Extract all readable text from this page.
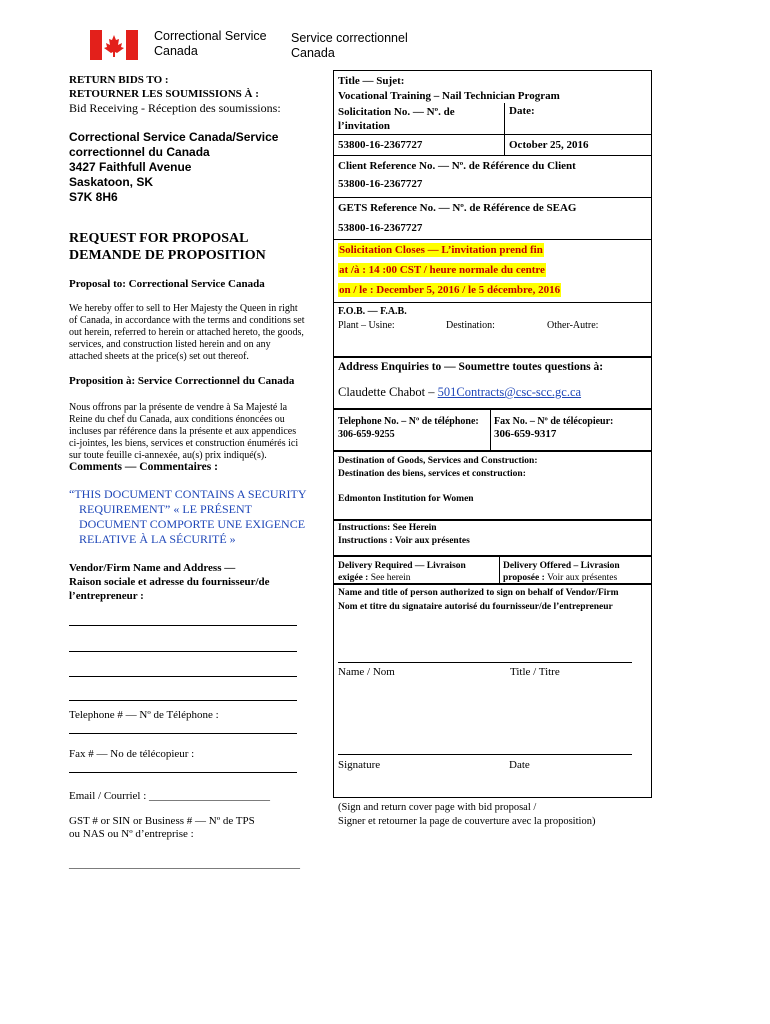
Correctional Service
Canada
Service correctionnel
Canada
RETURN BIDS TO :
RETOURNER LES SOUMISSIONS À :
Bid Receiving - Réception des soumissions:
Correctional Service Canada/Service
correctionnel du Canada
3427 Faithfull Avenue
Saskatoon, SK
S7K 8H6
REQUEST FOR PROPOSAL
DEMANDE DE PROPOSITION
Proposal to: Correctional Service Canada
We hereby offer to sell to Her Majesty the Queen in right
of Canada, in accordance with the terms and conditions set
out herein, referred to herein or attached hereto, the goods,
services, and construction listed herein and on any
attached sheets at the price(s) set out thereof.
Proposition à: Service Correctionnel du Canada
Nous offrons par la présente de vendre à Sa Majesté la
Reine du chef du Canada, aux conditions énoncées ou
incluses par référence dans la présente et aux appendices
ci-jointes, les biens, services et construction énumérés ici
sur toute feuille ci-annexée, au(s) prix indiqué(s).
Comments — Commentaires :
“THIS DOCUMENT CONTAINS A SECURITY
REQUIREMENT” « LE PRÉSENT
DOCUMENT COMPORTE UNE EXIGENCE
RELATIVE À LA SÉCURITÉ »
Vendor/Firm Name and Address —
Raison sociale et adresse du fournisseur/de
l’entrepreneur :
Telephone # — Nº de Téléphone :
Fax # — No de télécopieur :
Email / Courriel : ______________________
GST # or SIN or Business # — Nº de TPS
ou NAS ou Nº d’entreprise :
__________________________________________
Title — Sujet:
Vocational Training – Nail Technician Program
Solicitation No. — Nº. de
l’invitation
Date:
53800-16-2367727	October 25, 2016
Client Reference No. — Nº. de Référence du Client
53800-16-2367727
GETS Reference No. — Nº. de Référence de SEAG
53800-16-2367727
Solicitation Closes — L’invitation prend fin
at /à : 14 :00 CST / heure normale du centre
on / le : December 5, 2016 / le 5 décembre, 2016
F.O.B. — F.A.B.
Plant – Usine:	Destination:	Other-Autre:
Address Enquiries to — Soumettre toutes questions à:
Claudette Chabot – 501Contracts@csc-scc.gc.ca
Telephone No. – Nº de téléphone:
306-659-9255
Fax No. – Nº de télécopieur:
306-659-9317
Destination of Goods, Services and Construction:
Destination des biens, services et construction:
Edmonton Institution for Women
Instructions: See Herein
Instructions : Voir aux présentes
Delivery Required — Livraison
exigée : See herein
Delivery Offered – Livrasion
proposée : Voir aux présentes
Name and title of person authorized to sign on behalf of Vendor/Firm
Nom et titre du signataire autorisé du fournisseur/de l’entrepreneur
Name / Nom	Title / Titre
Signature	Date
(Sign and return cover page with bid proposal /
Signer et retourner la page de couverture avec la proposition)
